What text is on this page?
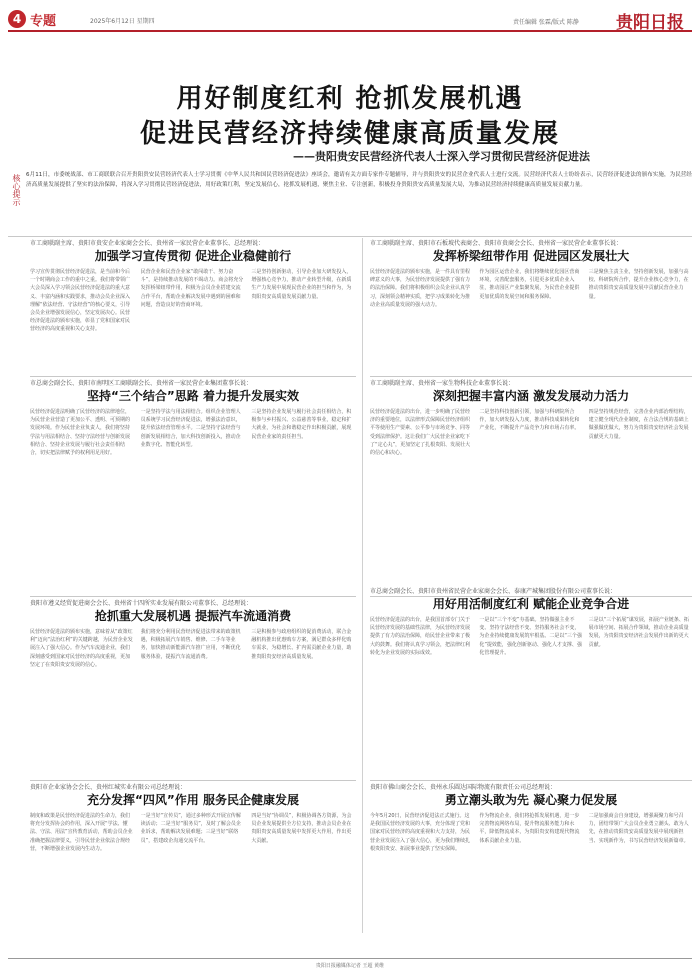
4 专题	2025年6月12日 星期四	责任编辑 张霖/版式 陈静 贵阳日报
用好制度红利 抢抓发展机遇
促进民营经济持续健康高质量发展
——贵阳贵安民营经济代表人士深入学习贯彻民营经济促进法
核心提示 6月11日，市委统战部、市工商联联合召开贵阳贵安民营经济代表人士学习贯彻《中华人民共和国民营经济促进法》座谈会，邀请有关方面专家作专题辅导，并与贵阳贵安的民营企业代表人士进行交流。民营经济代表人士纷纷表示，民营经济促进法的颁布实施，为民营经济高质量发展提供了坚实的法治保障，将深入学习贯彻民营经济促进法，用好政策红利，坚定发展信心，抢抓发展机遇，聚焦主业、专注创新，积极投身贵阳贵安高质量发展大局，为推动民营经济持续健康高质量发展贡献力量。
市工商联副主席、贵阳市贵安企业家商会会长、贵州省一家民营企业董事长、总经理说：
加强学习宣传贯彻 促进企业稳健前行
学习宣传贯彻民营经济促进法，是当前和今后一个时期商会工作的重中之重。我们将带领广大会员深入学习领会民营经济促进法的重大意义、丰富内涵和实践要求，推动会员企业深入理解“依法经营、守法经营”的核心要义，引导会员企业增强发展信心，坚定发展决心。民营经济促进法的颁布实施，彰显了党和国家对民营经济的高度重视和关心支持。
民营企业和民营企业家“敢闯敢干、努力奋斗”，是持续推动发展的不竭动力。商会将充分发挥桥梁纽带作用，积极为会员企业搭建交流合作平台，帮助企业解决发展中遇到的困难和问题，营造良好的营商环境。
三是坚持创新驱动，引导企业加大研发投入，增强核心竞争力，推动产业转型升级，在新质生产力发展中展现民营企业的担当和作为，为贵阳贵安高质量发展贡献力量。
市工商联副主席、贵阳市石板坡代表商会、贵阳市贵商会会长、贵州省一家民营企业董事长说：
发挥桥梁纽带作用 促进园区发展壮大
民营经济促进法的颁布实施，是一件具有里程碑意义的大事，为民营经济发展提供了强有力的法治保障。我们将积极组织会员企业认真学习，深刻领会精神实质，把学习成果转化为推动企业高质量发展的强大动力。
作为园区运营企业，我们将继续优化园区营商环境，完善配套服务，引进更多优质企业入驻，推动园区产业集聚发展，为民营企业提供更加优质的发展空间和服务保障。
三是聚焦主责主业，坚持创新发展，加强与高校、科研院所合作，提升企业核心竞争力，在推动贵阳贵安高质量发展中贡献民营企业力量。
市总商会副会长、贵阳市南明区工商联副会长、贵州省一家民营企业集团董事长说：
坚持“三个结合”思路 着力提升发展实效
民营经济促进法明确了民营经济的法律地位，为民营企业营造了更加公平、透明、可预期的发展环境。作为民营企业负责人，我们将坚持学法与用法相结合、坚持守法经营与创新发展相结合、坚持企业发展与履行社会责任相结合，切实把法律赋予的权利用足用好。
一是坚持学法与用法相结合。组织企业管理人员系统学习民营经济促进法，增强法治意识，提升依法经营管理水平。二是坚持守法经营与创新发展相结合，加大科技创新投入，推动企业数字化、智能化转型。
三是坚持企业发展与履行社会责任相结合，积极参与乡村振兴、公益慈善等事业，稳定和扩大就业，为社会和谐稳定作出积极贡献，展现民营企业家的责任担当。
市工商联副主席、贵州省一家生物科技企业董事长说：
深刻把握丰富内涵 激发发展动力活力
民营经济促进法的出台，进一步明确了民营经济的重要地位，以法律形式保障民营经济组织平等使用生产要素、公平参与市场竞争、同等受到法律保护。这让我们广大民营企业家吃下了“定心丸”，更加坚定了扎根贵阳、发展壮大的信心和决心。
二是坚持科技创新引领，加强与科研院所合作，加大研发投入力度，推动科技成果转化和产业化，不断提升产品竞争力和市场占有率。
四是坚持规范经营，完善企业内部治理结构，建立健全现代企业制度，在合法合规的基础上做强做优做大，努力为贵阳贵安经济社会发展贡献更大力量。
贵阳市遵义经贸促进商会会长、贵州省十四所实业发展有限公司董事长、总经理说：
抢抓重大发展机遇 提振汽车流通消费
民营经济促进法的颁布实施，意味着从“政策红利”迈向“法治红利”的关键跨越，为民营企业发展注入了强大信心。作为汽车流通企业，我们深刻感受到国家对民营经济的高度重视，更加坚定了在贵阳贵安发展的信心。
我们将充分利用民营经济促进法带来的政策机遇，积极拓展汽车销售、维修、二手车等业务，加快推动新能源汽车推广应用，不断优化服务体验，提振汽车流通消费。
三是积极参与政府组织的促消费活动，联合金融机构推出优惠购车方案，满足群众多样化购车需求，为稳增长、扩内需贡献企业力量，助推贵阳贵安经济高质量发展。
市总商会副会长、贵阳市贵州省民营企业家商会会长、泰康产城集团股份有限公司董事长说：
用好用活制度红利 赋能企业竞争合进
民营经济促进法的出台，是我国首部专门关于民营经济发展的基础性法律，为民营经济发展提供了有力的法治保障，给民营企业带来了极大的鼓舞。我们将认真学习领会，把法律红利转化为企业发展的实际成效。
一是以“三个不变”夯基础。坚持做强主业不变、坚持守法经营不变、坚持服务社会不变，为企业持续健康发展筑牢根基。二是以“三个强化”提效能，强化创新驱动、强化人才支撑、强化管理提升。
三是以“三个拓展”谋发展，拓展产业链条、拓展市场空间、拓展合作领域，推动企业高质量发展，为贵阳贵安经济社会发展作出新的更大贡献。
贵阳市企业家协会会长、贵州红城实业有限公司总经理说：
充分发挥“四风”作用 服务民企健康发展
制度和政策是民营经济促进法的生命力，我们将充分发挥协会的作用，深入开展“学法、懂法、守法、用法”宣传教育活动，帮助会员企业准确把握法律要义，引导民营企业依法合规经营，不断增强企业发展内生动力。
一是当好“宣传员”，通过多种形式开展宣传解读活动；二是当好“服务员”，及时了解会员企业诉求，帮助解决发展难题；三是当好“联络员”，搭建政企沟通交流平台。
四是当好“协调员”，积极协调各方资源，为会员企业发展提供全方位支持，推动会员企业在贵阳贵安高质量发展中发挥更大作用，作出更大贡献。
贵阳市佛山商会会长、贵州永乐圆达国际物流有限责任公司总经理说：
勇立潮头敢为先 凝心聚力促发展
今年5月20日，民营经济促进法正式施行。这是我国民营经济发展的大事，充分体现了党和国家对民营经济的高度重视和大力支持，为民营企业发展注入了强大信心，更为我们继续扎根贵阳贵安、拓展事业提供了坚实保障。
作为物流企业，我们将抢抓发展机遇，进一步完善物流网络布局，提升物流服务能力和水平，降低物流成本，为贵阳贵安构建现代物流体系贡献企业力量。
二是加强商会自身建设，增强凝聚力和号召力，团结带领广大会员企业勇立潮头、敢为人先，在推动贵阳贵安高质量发展中展现新担当、实现新作为，书写民营经济发展新篇章。
贵阳日报融媒体记者 王超 黄维
